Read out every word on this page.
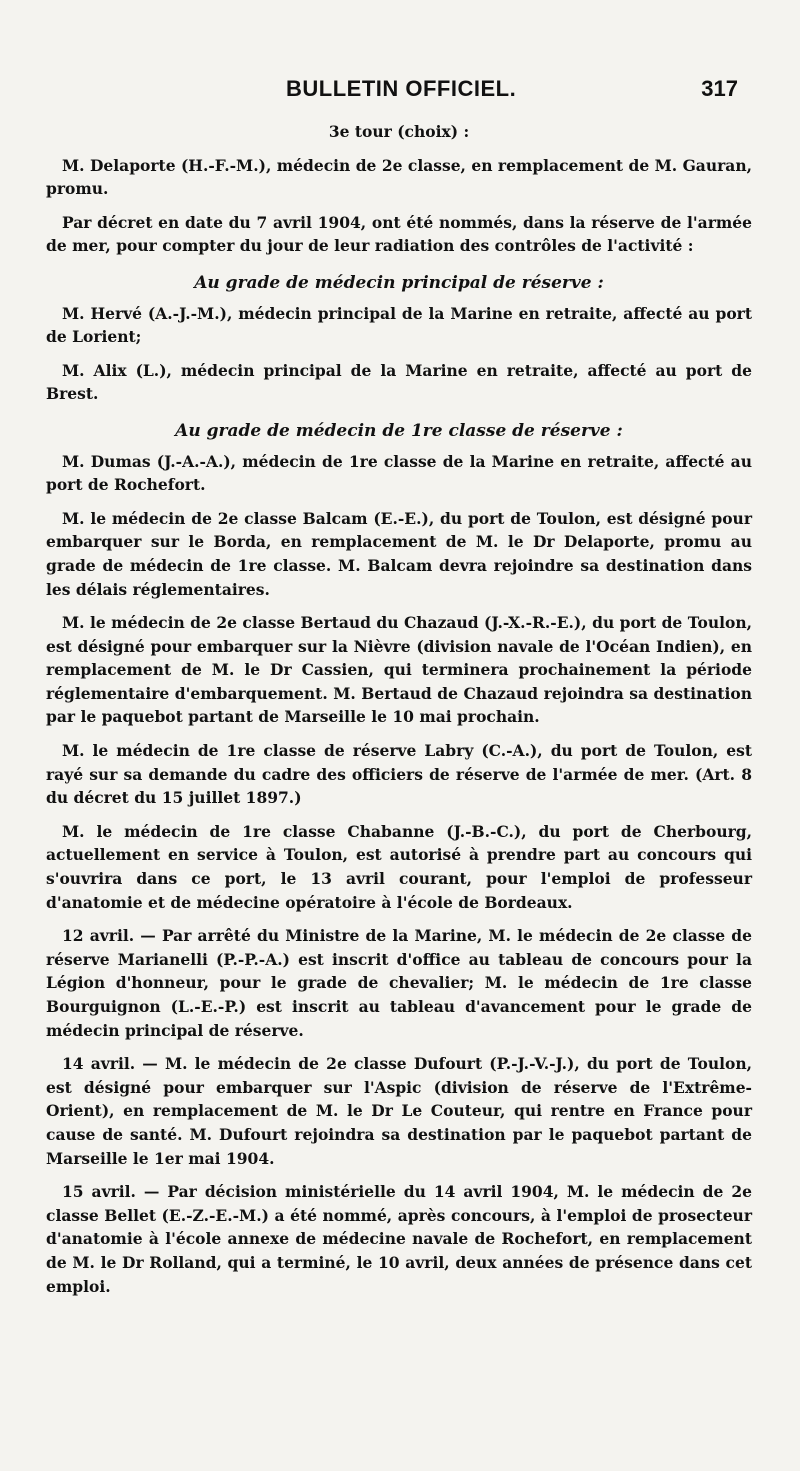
BULLETIN OFFICIEL.	317

3e tour (choix) :

M. Delaporte (H.-F.-M.), médecin de 2e classe, en remplacement de M. Gauran, promu.

Par décret en date du 7 avril 1904, ont été nommés, dans la réserve de l'armée de mer, pour compter du jour de leur radiation des contrôles de l'activité :

Au grade de médecin principal de réserve :

M. Hervé (A.-J.-M.), médecin principal de la Marine en retraite, affecté au port de Lorient;

M. Alix (L.), médecin principal de la Marine en retraite, affecté au port de Brest.

Au grade de médecin de 1re classe de réserve :

M. Dumas (J.-A.-A.), médecin de 1re classe de la Marine en retraite, affecté au port de Rochefort.

M. le médecin de 2e classe Balcam (E.-E.), du port de Toulon, est désigné pour embarquer sur le Borda, en remplacement de M. le Dr Delaporte, promu au grade de médecin de 1re classe. M. Balcam devra rejoindre sa destination dans les délais réglementaires.

M. le médecin de 2e classe Bertaud du Chazaud (J.-X.-R.-E.), du port de Toulon, est désigné pour embarquer sur la Nièvre (division navale de l'Océan Indien), en remplacement de M. le Dr Cassien, qui terminera prochainement la période réglementaire d'embarquement. M. Bertaud de Chazaud rejoindra sa destination par le paquebot partant de Marseille le 10 mai prochain.

M. le médecin de 1re classe de réserve Labry (C.-A.), du port de Toulon, est rayé sur sa demande du cadre des officiers de réserve de l'armée de mer. (Art. 8 du décret du 15 juillet 1897.)

M. le médecin de 1re classe Chabanne (J.-B.-C.), du port de Cherbourg, actuellement en service à Toulon, est autorisé à prendre part au concours qui s'ouvrira dans ce port, le 13 avril courant, pour l'emploi de professeur d'anatomie et de médecine opératoire à l'école de Bordeaux.

12 avril. — Par arrêté du Ministre de la Marine, M. le médecin de 2e classe de réserve Marianelli (P.-P.-A.) est inscrit d'office au tableau de concours pour la Légion d'honneur, pour le grade de chevalier; M. le médecin de 1re classe Bourguignon (L.-E.-P.) est inscrit au tableau d'avancement pour le grade de médecin principal de réserve.

14 avril. — M. le médecin de 2e classe Dufourt (P.-J.-V.-J.), du port de Toulon, est désigné pour embarquer sur l'Aspic (division de réserve de l'Extrême-Orient), en remplacement de M. le Dr Le Couteur, qui rentre en France pour cause de santé. M. Dufourt rejoindra sa destination par le paquebot partant de Marseille le 1er mai 1904.

15 avril. — Par décision ministérielle du 14 avril 1904, M. le médecin de 2e classe Bellet (E.-Z.-E.-M.) a été nommé, après concours, à l'emploi de prosecteur d'anatomie à l'école annexe de médecine navale de Rochefort, en remplacement de M. le Dr Rolland, qui a terminé, le 10 avril, deux années de présence dans cet emploi.
